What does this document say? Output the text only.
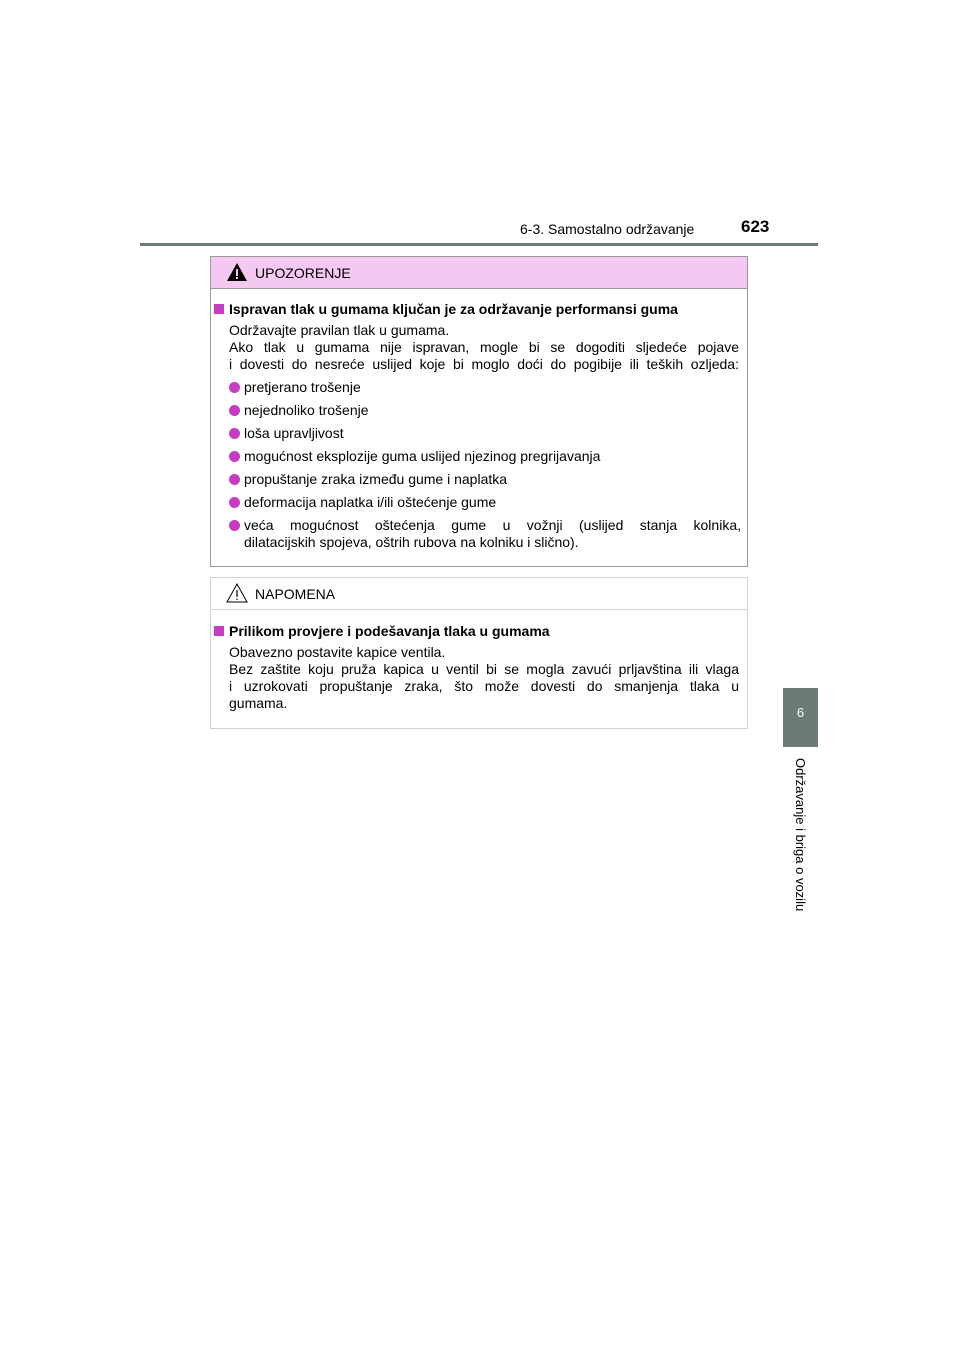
6-3. Samostalno održavanje	623
6
Održavanje i briga o vozilu
UPOZORENJE
Ispravan tlak u gumama ključan je za održavanje performansi guma
Održavajte pravilan tlak u gumama.
Ako tlak u gumama nije ispravan, mogle bi se dogoditi sljedeće pojave
i dovesti do nesreće uslijed koje bi moglo doći do pogibije ili teških ozljeda:
pretjerano trošenje
nejednoliko trošenje
loša upravljivost
mogućnost eksplozije guma uslijed njezinog pregrijavanja
propuštanje zraka između gume i naplatka
deformacija naplatka i/ili oštećenje gume
veća mogućnost oštećenja gume u vožnji (uslijed stanja kolnika,
dilatacijskih spojeva, oštrih rubova na kolniku i slično).
NAPOMENA
Prilikom provjere i podešavanja tlaka u gumama
Obavezno postavite kapice ventila.
Bez zaštite koju pruža kapica u ventil bi se mogla zavući prljavština ili vlaga
i uzrokovati propuštanje zraka, što može dovesti do smanjenja tlaka u
gumama.
